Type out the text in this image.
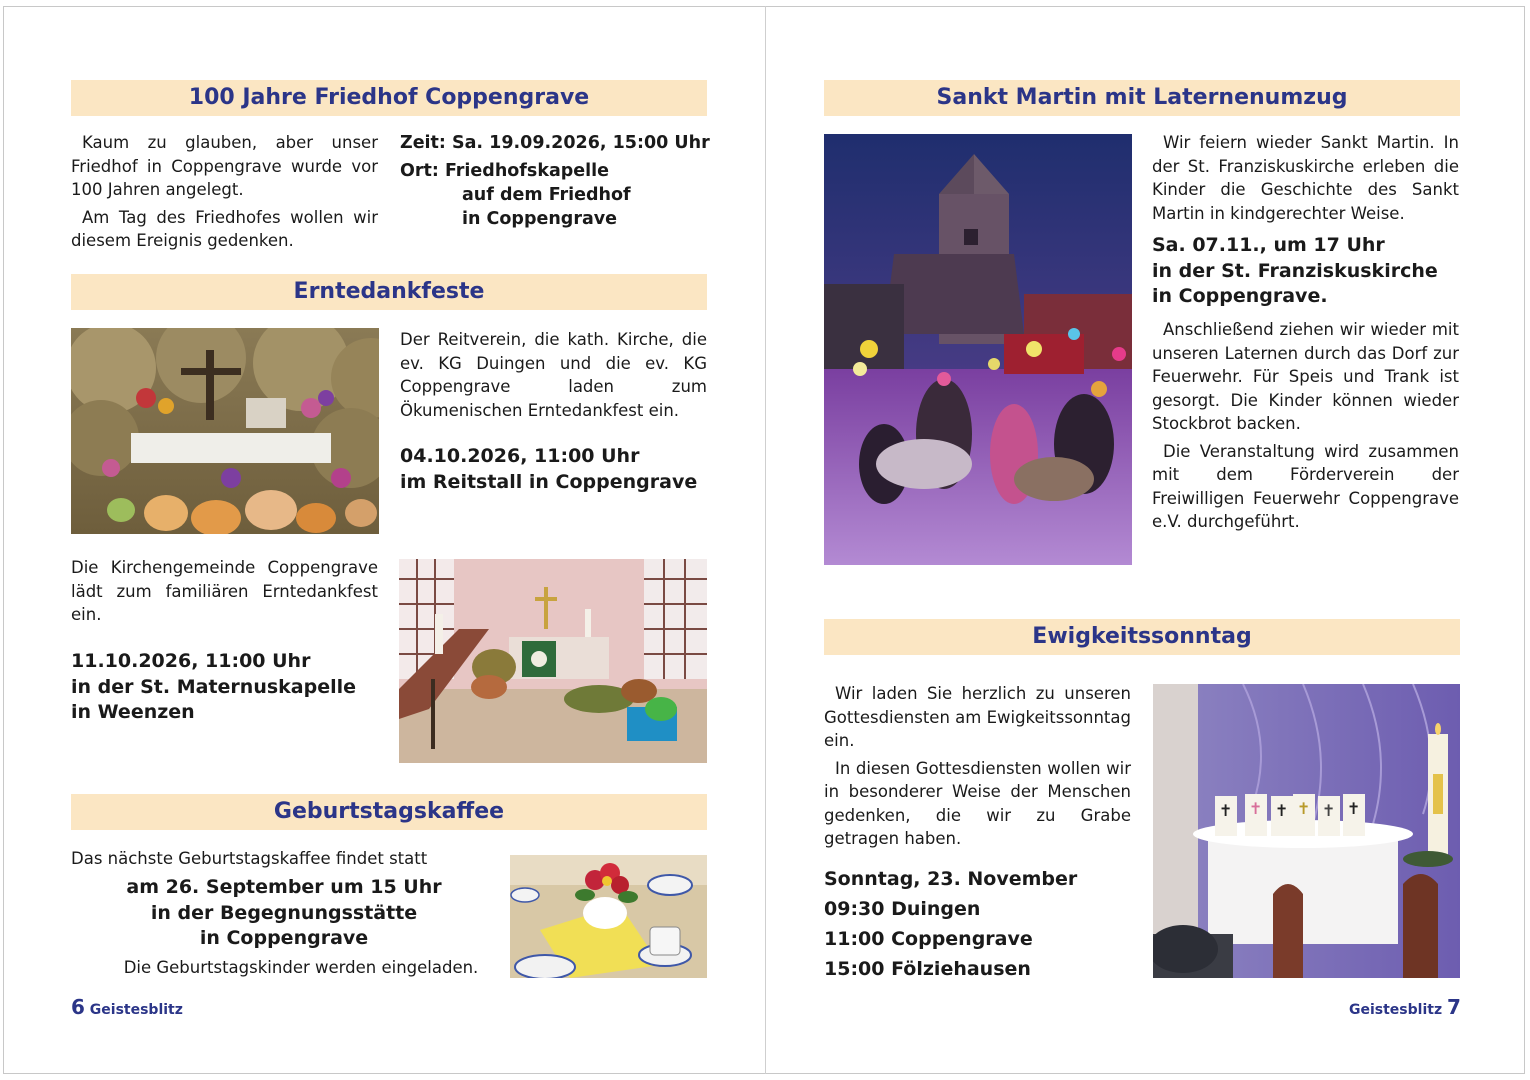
100 Jahre Friedhof Coppengrave

Kaum zu glauben, aber unser Friedhof in Coppengrave wurde vor 100 Jahren angelegt.

Am Tag des Friedhofes wollen wir diesem Ereignis gedenken.

Zeit: Sa. 19.09.2026, 15:00 Uhr
Ort: Friedhofskapelle
auf dem Friedhof
in Coppengrave
Erntedankfeste

Der Reitverein, die kath. Kirche, die ev. KG Duingen und die ev. KG Coppengrave laden zum Ökumenischen Erntedankfest ein.

04.10.2026, 11:00 Uhr
im Reitstall in Coppengrave

Die Kirchengemeinde Coppengrave lädt zum familiären Erntedankfest ein.

11.10.2026, 11:00 Uhr
in der St. Maternuskapelle
in Weenzen
Geburtstagskaffee
Das nächste Geburtstagskaffee findet statt
am 26. September um 15 Uhr
in der Begegnungsstätte
in Coppengrave
Die Geburtstagskinder werden eingeladen.
6 Geistesblitz
Sankt Martin mit Laternenumzug

Wir feiern wieder Sankt Martin. In der St. Franziskuskirche erleben die Kinder die Geschichte des Sankt Martin in kindgerechter Weise.

Sa. 07.11., um 17 Uhr
in der St. Franziskuskirche
in Coppengrave.

Anschließend ziehen wir wieder mit unseren Laternen durch das Dorf zur Feuerwehr. Für Speis und Trank ist gesorgt. Die Kinder können wieder Stockbrot backen.

Die Veranstaltung wird zusammen mit dem Förderverein der Freiwilligen Feuerwehr Coppengrave e.V. durchgeführt.

Ewigkeitssonntag

Wir laden Sie herzlich zu unseren Gottesdiensten am Ewigkeitssonntag ein.

In diesen Gottesdiensten wollen wir in besonderer Weise der Menschen gedenken, die wir zu Grabe getragen haben.

Sonntag, 23. November
09:30 Duingen
11:00 Coppengrave
15:00 Fölziehausen
✝ ✝ ✝ ✝ ✝ ✝
Geistesblitz 7
